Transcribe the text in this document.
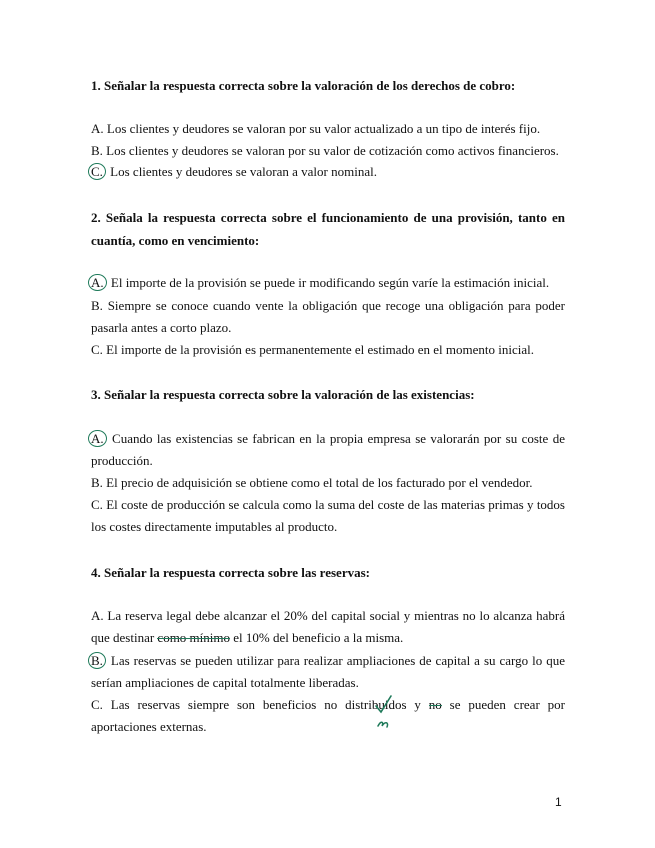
1. Señalar la respuesta correcta sobre la valoración de los derechos de cobro:
A. Los clientes y deudores se valoran por su valor actualizado a un tipo de interés fijo.
B. Los clientes y deudores se valoran por su valor de cotización como activos financieros.
C. Los clientes y deudores se valoran a valor nominal.
2. Señala la respuesta correcta sobre el funcionamiento de una provisión, tanto en cuantía, como en vencimiento:
A. El importe de la provisión se puede ir modificando según varíe la estimación inicial.
B. Siempre se conoce cuando vente la obligación que recoge una obligación para poder pasarla antes a corto plazo.
C. El importe de la provisión es permanentemente el estimado en el momento inicial.
3. Señalar la respuesta correcta sobre la valoración de las existencias:
A. Cuando las existencias se fabrican en la propia empresa se valorarán por su coste de producción.
B. El precio de adquisición se obtiene como el total de los facturado por el vendedor.
C. El coste de producción se calcula como la suma del coste de las materias primas y todos los costes directamente imputables al producto.
4. Señalar la respuesta correcta sobre las reservas:
A. La reserva legal debe alcanzar el 20% del capital social y mientras no lo alcanza habrá que destinar como mínimo el 10% del beneficio a la misma.
B. Las reservas se pueden utilizar para realizar ampliaciones de capital a su cargo lo que serían ampliaciones de capital totalmente liberadas.
C. Las reservas siempre son beneficios no distribuidos y no se pueden crear por aportaciones externas.
1
